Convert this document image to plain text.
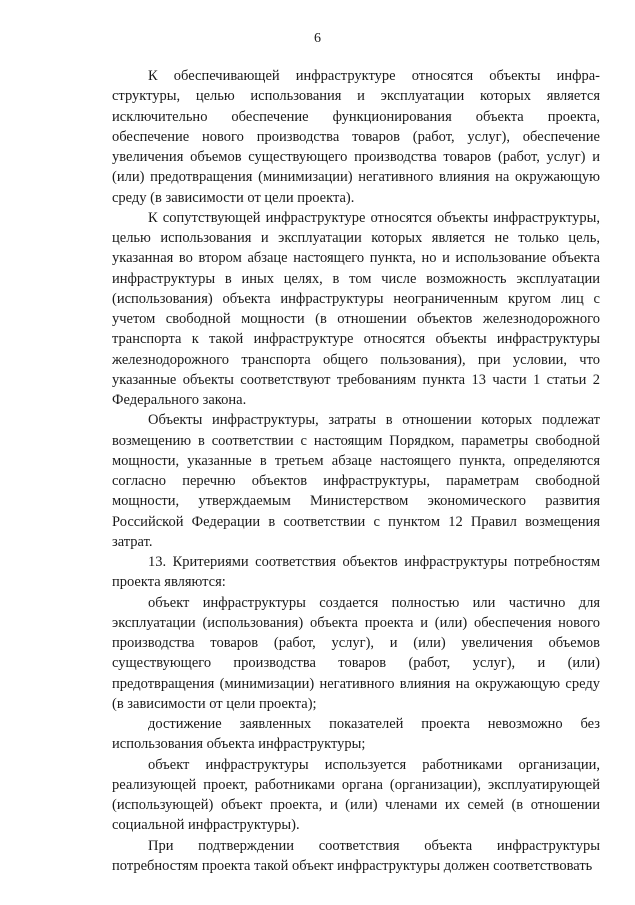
6
К обеспечивающей инфраструктуре относятся объекты инфра-
структуры, целью использования и эксплуатации которых является
исключительно обеспечение функционирования объекта проекта,
обеспечение нового производства товаров (работ, услуг), обеспечение
увеличения объемов существующего производства товаров (работ, услуг) и
(или) предотвращения (минимизации) негативного влияния на окружающую
среду (в зависимости от цели проекта).
К сопутствующей инфраструктуре относятся объекты инфраструктуры,
целью использования и эксплуатации которых является не только цель,
указанная во втором абзаце настоящего пункта, но и использование объекта
инфраструктуры в иных целях, в том числе возможность эксплуатации
(использования) объекта инфраструктуры неограниченным кругом лиц с
учетом свободной мощности (в отношении объектов железнодорожного
транспорта к такой инфраструктуре относятся объекты инфраструктуры
железнодорожного транспорта общего пользования), при условии, что
указанные объекты соответствуют требованиям пункта 13 части 1 статьи 2
Федерального закона.
Объекты инфраструктуры, затраты в отношении которых подлежат
возмещению в соответствии с настоящим Порядком, параметры свободной
мощности, указанные в третьем абзаце настоящего пункта, определяются
согласно перечню объектов инфраструктуры, параметрам свободной
мощности, утверждаемым Министерством экономического развития
Российской Федерации в соответствии с пунктом 12 Правил возмещения
затрат.
13. Критериями соответствия объектов инфраструктуры потребностям
проекта являются:
объект инфраструктуры создается полностью или частично для
эксплуатации (использования) объекта проекта и (или) обеспечения нового
производства товаров (работ, услуг), и (или) увеличения объемов
существующего производства товаров (работ, услуг), и (или)
предотвращения (минимизации) негативного влияния на окружающую среду
(в зависимости от цели проекта);
достижение заявленных показателей проекта невозможно без
использования объекта инфраструктуры;
объект инфраструктуры используется работниками организации,
реализующей проект, работниками органа (организации), эксплуатирующей
(использующей) объект проекта, и (или) членами их семей (в отношении
социальной инфраструктуры).
При подтверждении соответствия объекта инфраструктуры
потребностям проекта такой объект инфраструктуры должен соответствовать
